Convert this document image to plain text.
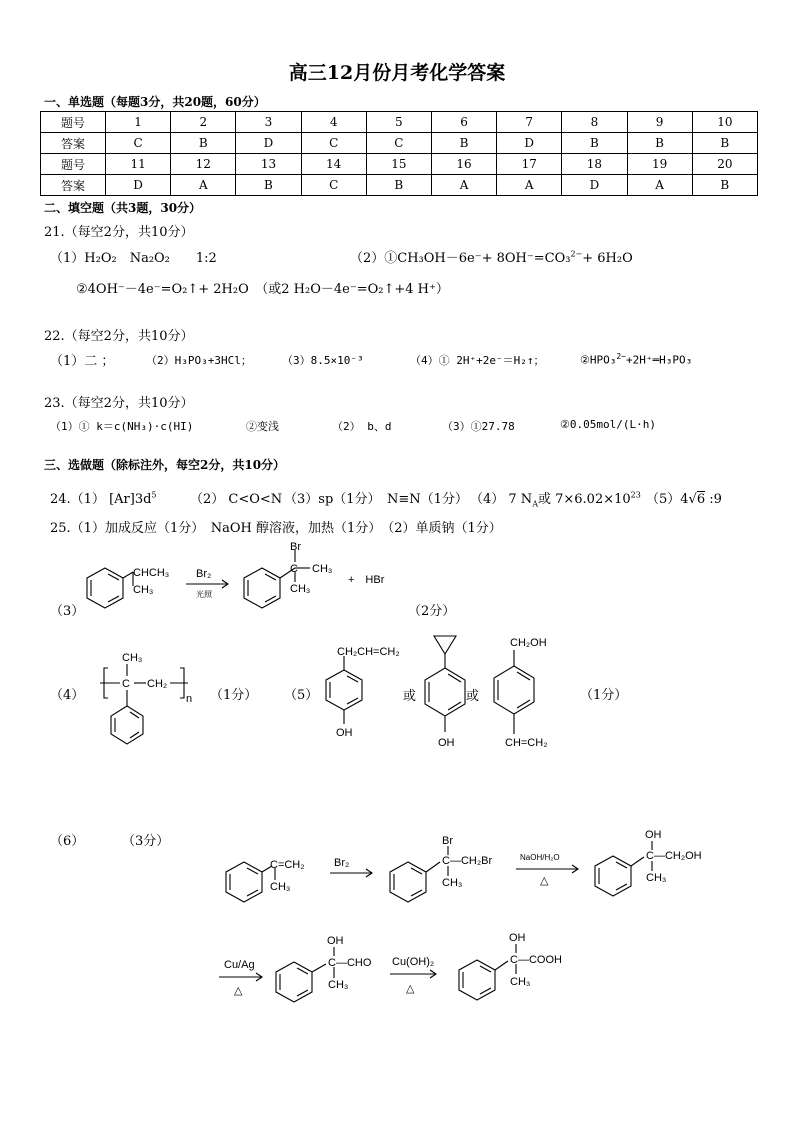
高三12月份月考化学答案
一、单选题（每题3分，共20题，60分）
题号	1	2	3	4	5	6	7	8	9	10
答案	C	B	D	C	C	B	D	B	B	B
题号	11	12	13	14	15	16	17	18	19	20
答案	D	A	B	C	B	A	A	D	A	B
二、填空题（共3题，30分）
21.（每空2分，共10分）
（1）H₂O₂　Na₂O₂　　1:2	（2）①CH₃OH－6e⁻+ 8OH⁻=CO₃$^{2-}$+ 6H₂O
②4OH⁻－4e⁻=O₂↑+ 2H₂O　（或2 H₂O－4e⁻=O₂↑+4 H⁺）
22.（每空2分，共10分）
（1）二 ；	（2）H₃PO₃+3HCl；	（3）8.5×10⁻³	（4）① 2H⁺+2e⁻＝H₂↑；	②HPO₃$^{2-}$+2H⁺═H₃PO₃
23.（每空2分，共10分）
（1）① k＝c(NH₃)·c(HI)	②变浅	（2） b、d	（3）①27.78	②0.05mol/(L·h)
三、选做题（除标注外，每空2分，共10分）
24.（1） $[Ar]3d^5$	（2） C<O<N （3）sp（1分）　N≡N（1分） （4） 7 $N_A$或 $7\times 6.02\times 10^{23}$ （5）4√6 :9
25.（1）加成反应（1分）　NaOH 醇溶液，加热（1分）　（2）单质钠（1分）
（3）	（2分）
（4）	（1分） （5）	（1分）
或	或
（6）	（3分）
CHCH₃
CH₃
Br₂
光照
Br
C CH₃
CH₃
+　HBr
CH₃
C CH₂
n
CH₂CH=CH₂
OH
OH
CH₂OH
CH=CH₂
C=CH₂
CH₃
Br₂
Br
C—CH₂Br
CH₃
NaOH/H₂O
△
OH
C—CH₂OH
CH₃
Cu/Ag
△
OH
C—CHO
CH₃
Cu(OH)₂
△
OH
C—COOH
CH₃
